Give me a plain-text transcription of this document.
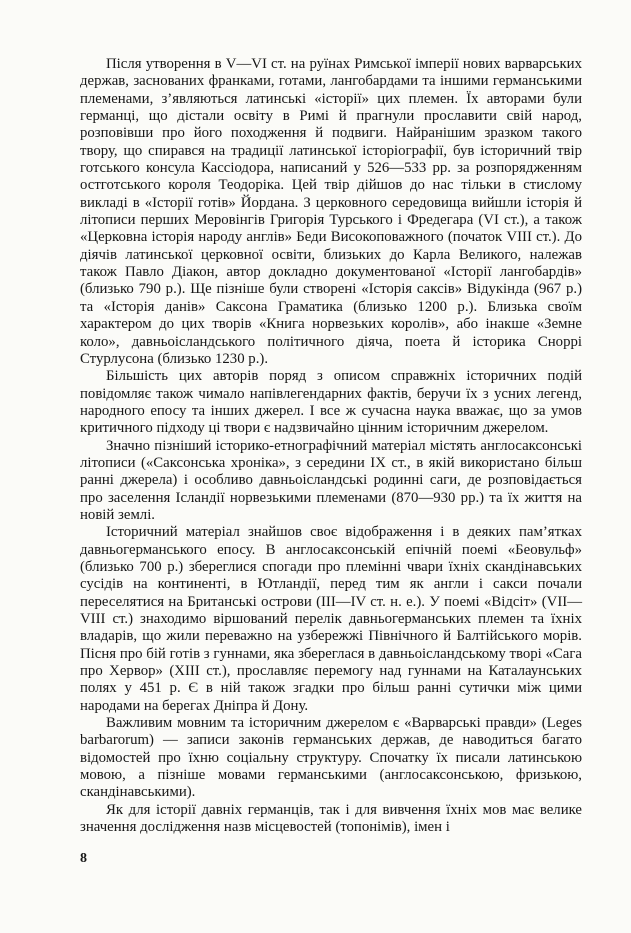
Після утворення в V—VI ст. на руїнах Римської імперії нових варварських держав, заснованих франками, готами, лангобардами та іншими германськими племенами, з’являються латинські «історії» цих племен. Їх авторами були германці, що дістали освіту в Римі й прагнули прославити свій народ, розповівши про його походження й подвиги. Найранішим зразком такого твору, що спирався на традиції латинської історіографії, був історичний твір готського консула Кассіодора, написаний у 526—533 рр. за розпорядженням остготського короля Теодоріка. Цей твір дійшов до нас тільки в стислому викладі в «Історії готів» Йордана. З церковного середовища вийшли історія й літописи перших Меровінгів Григорія Турського і Фредегара (VI ст.), а також «Церковна історія народу англів» Беди Високоповажного (початок VIII ст.). До діячів латинської церковної освіти, близьких до Карла Великого, належав також Павло Діакон, автор докладно документованої «Історії лангобардів» (близько 790 р.). Ще пізніше були створені «Історія саксів» Відукінда (967 р.) та «Історія данів» Саксона Граматика (близько 1200 р.). Близька своїм характером до цих творів «Книга норвезьких королів», або інакше «Земне коло», давньоісландського політичного діяча, поета й історика Сноррі Стурлусона (близько 1230 р.).

Більшість цих авторів поряд з описом справжніх історичних подій повідомляє також чимало напівлегендарних фактів, беручи їх з усних легенд, народного епосу та інших джерел. І все ж сучасна наука вважає, що за умов критичного підходу ці твори є надзвичайно цінним історичним джерелом.

Значно пізніший історико-етнографічний матеріал містять англосаксонські літописи («Саксонська хроніка», з середини IX ст., в якій використано більш ранні джерела) і особливо давньоісландські родинні саги, де розповідається про заселення Ісландії норвезькими племенами (870—930 рр.) та їх життя на новій землі.

Історичний матеріал знайшов своє відображення і в деяких пам’ятках давньогерманського епосу. В англосаксонській епічній поемі «Беовульф» (близько 700 р.) збереглися спогади про племінні чвари їхніх скандінавських сусідів на континенті, в Ютландії, перед тим як англи і сакси почали переселятися на Британські острови (III—IV ст. н. е.). У поемі «Відсіт» (VII—VIII ст.) знаходимо віршований перелік давньогерманських племен та їхніх владарів, що жили переважно на узбережжі Північного й Балтійського морів. Пісня про бій готів з гуннами, яка збереглася в давньоісландському творі «Сага про Хервор» (XIII ст.), прославляє перемогу над гуннами на Каталаунських полях у 451 р. Є в ній також згадки про більш ранні сутички між цими народами на берегах Дніпра й Дону.

Важливим мовним та історичним джерелом є «Варварські правди» (Leges barbarorum) — записи законів германських держав, де наводиться багато відомостей про їхню соціальну структуру. Спочатку їх писали латинською мовою, а пізніше мовами германськими (англосаксонською, фризькою, скандінавськими).

Як для історії давніх германців, так і для вивчення їхніх мов має велике значення дослідження назв місцевостей (топонімів), імен і

8
